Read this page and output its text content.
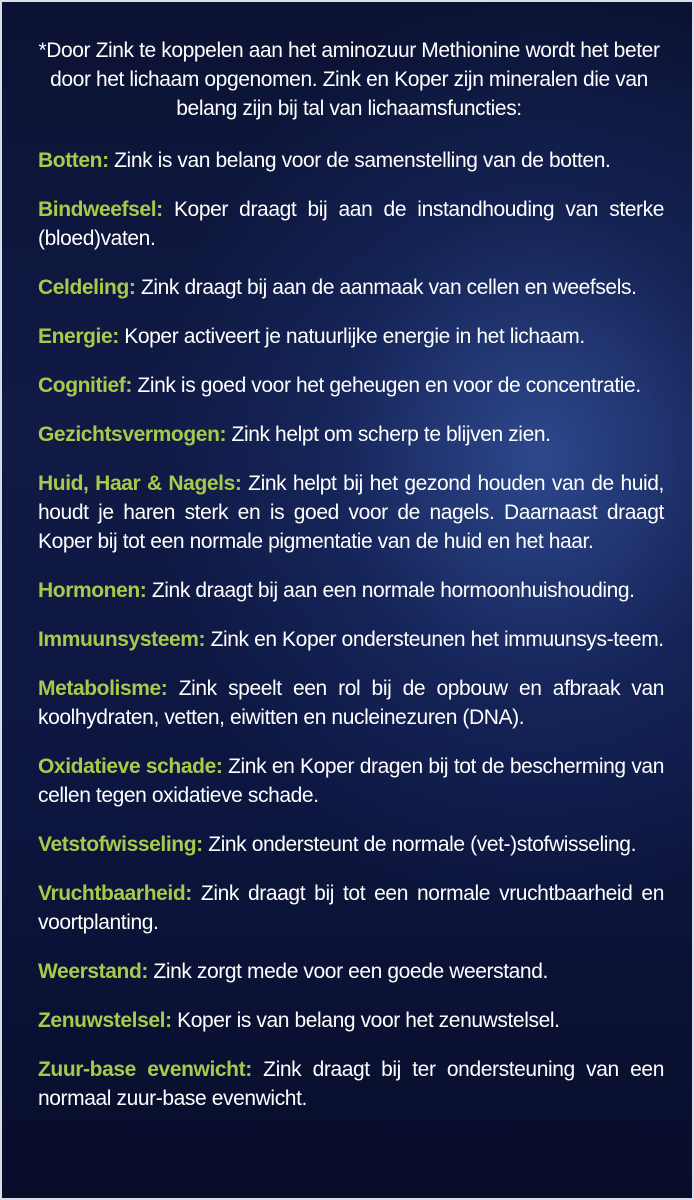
*Door Zink te koppelen aan het aminozuur Methionine wordt het beter door het lichaam opgenomen. Zink en Koper zijn mineralen die van belang zijn bij tal van lichaamsfuncties:

Botten: Zink is van belang voor de samenstelling van de botten.

Bindweefsel: Koper draagt bij aan de instandhouding van sterke (bloed)vaten.

Celdeling: Zink draagt bij aan de aanmaak van cellen en weefsels.

Energie: Koper activeert je natuurlijke energie in het lichaam.

Cognitief: Zink is goed voor het geheugen en voor de concentratie.

Gezichtsvermogen: Zink helpt om scherp te blijven zien.

Huid, Haar & Nagels: Zink helpt bij het gezond houden van de huid, houdt je haren sterk en is goed voor de nagels. Daarnaast draagt Koper bij tot een normale pigmentatie van de huid en het haar.

Hormonen: Zink draagt bij aan een normale hormoonhuishouding.

Immuunsysteem: Zink en Koper ondersteunen het immuunsys-teem.

Metabolisme: Zink speelt een rol bij de opbouw en afbraak van koolhydraten, vetten, eiwitten en nucleinezuren (DNA).

Oxidatieve schade: Zink en Koper dragen bij tot de bescherming van cellen tegen oxidatieve schade.

Vetstofwisseling: Zink ondersteunt de normale (vet-)stofwisseling.

Vruchtbaarheid: Zink draagt bij tot een normale vruchtbaarheid en voortplanting.

Weerstand: Zink zorgt mede voor een goede weerstand.

Zenuwstelsel: Koper is van belang voor het zenuwstelsel.

Zuur-base evenwicht: Zink draagt bij ter ondersteuning van een normaal zuur-base evenwicht.
